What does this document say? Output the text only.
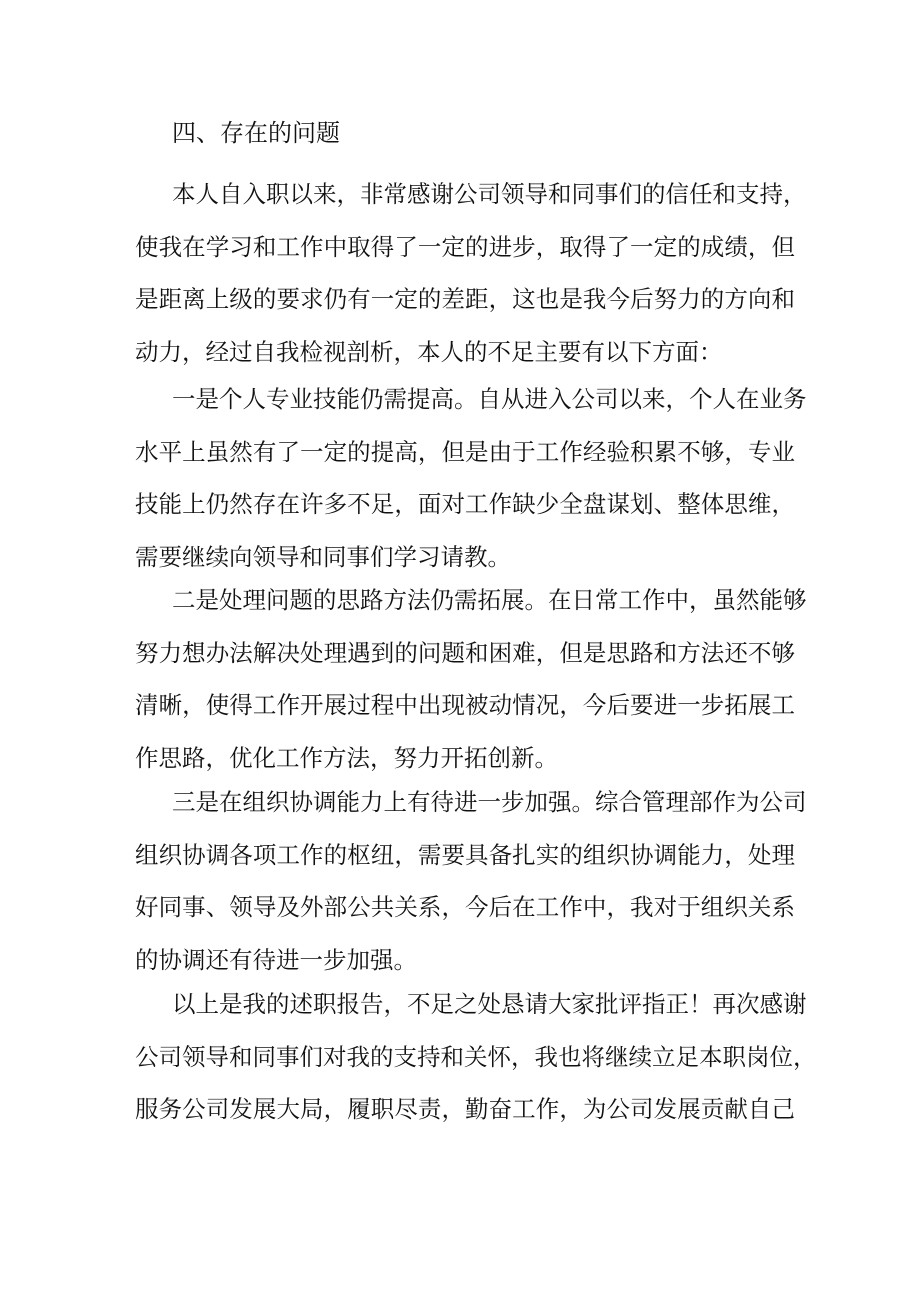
四、存在的问题
本人自入职以来，非常感谢公司领导和同事们的信任和支持，
使我在学习和工作中取得了一定的进步，取得了一定的成绩，但
是距离上级的要求仍有一定的差距，这也是我今后努力的方向和
动力，经过自我检视剖析，本人的不足主要有以下方面：
一是个人专业技能仍需提高。自从进入公司以来，个人在业务
水平上虽然有了一定的提高，但是由于工作经验积累不够，专业
技能上仍然存在许多不足，面对工作缺少全盘谋划、整体思维，
需要继续向领导和同事们学习请教。
二是处理问题的思路方法仍需拓展。在日常工作中，虽然能够
努力想办法解决处理遇到的问题和困难，但是思路和方法还不够
清晰，使得工作开展过程中出现被动情况，今后要进一步拓展工
作思路，优化工作方法，努力开拓创新。
三是在组织协调能力上有待进一步加强。综合管理部作为公司
组织协调各项工作的枢纽，需要具备扎实的组织协调能力，处理
好同事、领导及外部公共关系，今后在工作中，我对于组织关系
的协调还有待进一步加强。
以上是我的述职报告，不足之处恳请大家批评指正！再次感谢
公司领导和同事们对我的支持和关怀，我也将继续立足本职岗位，
服务公司发展大局，履职尽责，勤奋工作，为公司发展贡献自己
